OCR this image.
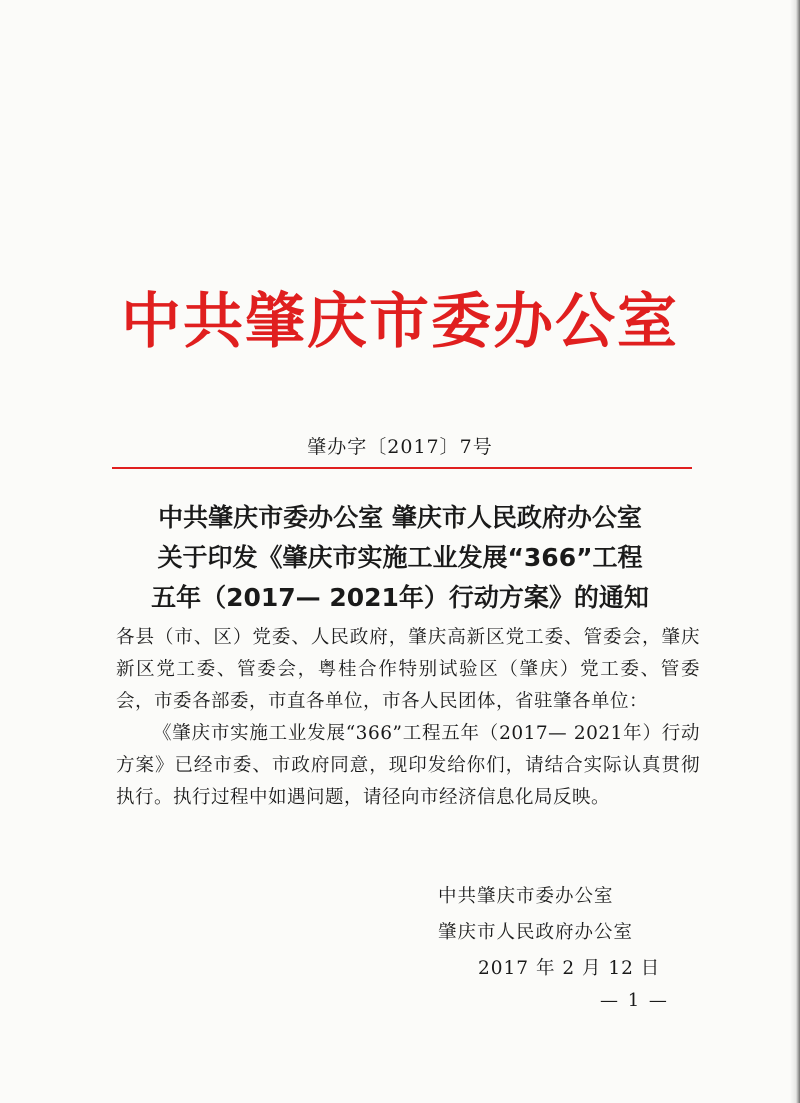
中共肇庆市委办公室
肇办字〔2017〕7号
中共肇庆市委办公室 肇庆市人民政府办公室
关于印发《肇庆市实施工业发展“366”工程
五年（2017— 2021年）行动方案》的通知

各县（市、区）党委、人民政府，肇庆高新区党工委、管委会，肇庆新区党工委、管委会，粤桂合作特别试验区（肇庆）党工委、管委会，市委各部委，市直各单位，市各人民团体，省驻肇各单位：

《肇庆市实施工业发展“366”工程五年（2017— 2021年）行动方案》已经市委、市政府同意，现印发给你们，请结合实际认真贯彻执行。执行过程中如遇问题，请径向市经济信息化局反映。

中共肇庆市委办公室
肇庆市人民政府办公室
2017 年 2 月 12 日
— 1 —
